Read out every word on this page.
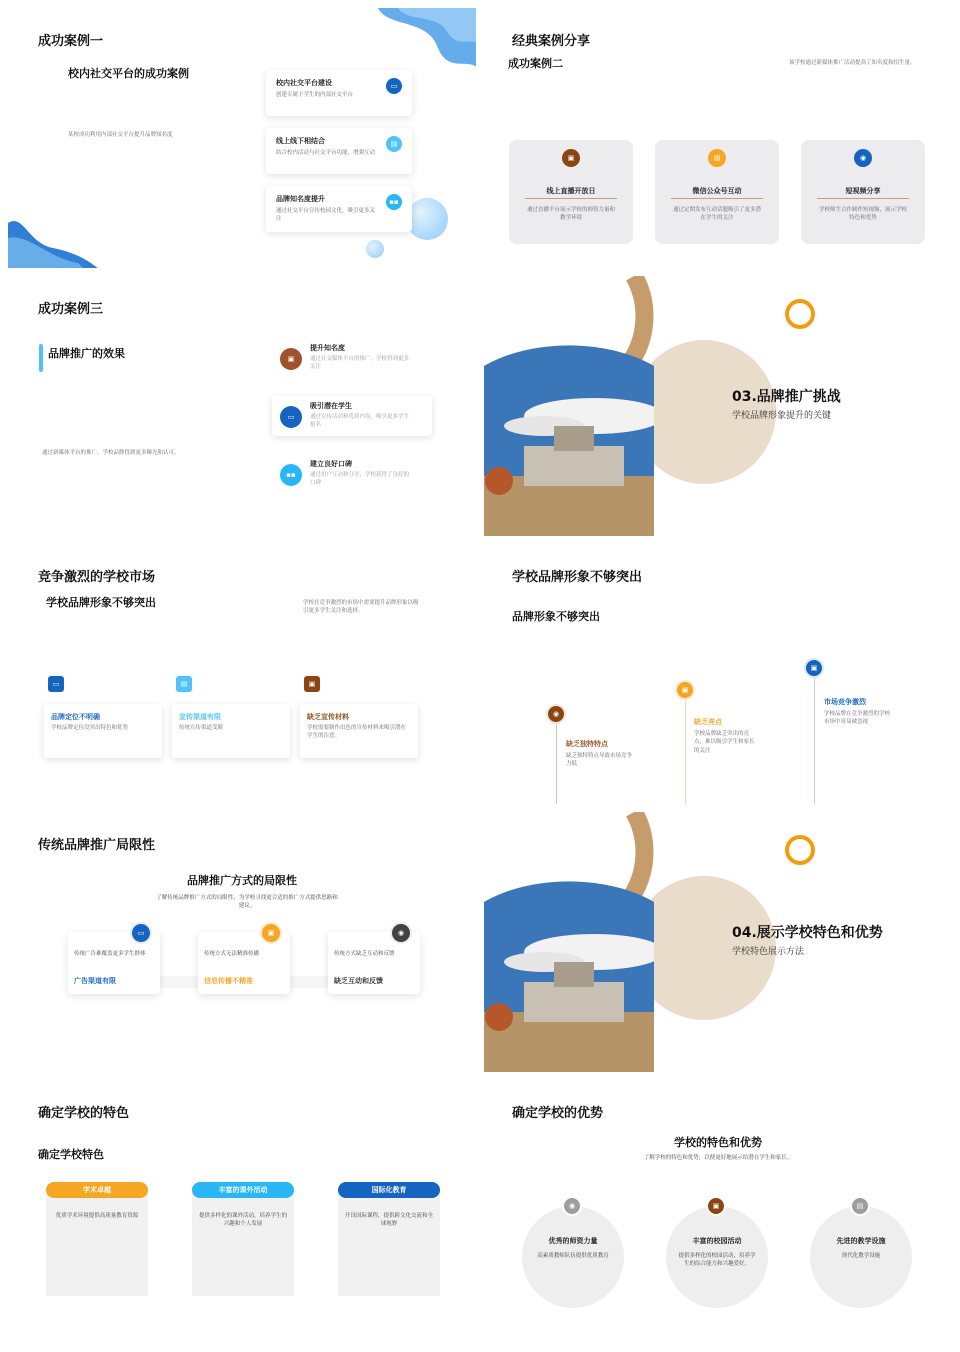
成功案例一
校内社交平台的成功案例
某校成功利用内部社交平台提升品牌知名度
校内社交平台建设
创建专属于学生的内部社交平台
▭
线上线下相结合
结合校内活动与社交平台功能，增强互动
▤
品牌知名度提升
通过社交平台宣传校园文化，吸引更多关注
▪▪
经典案例分享
成功案例二	该学校通过新媒体推广活动提高了知名度和招生量。
▣
线上直播开放日
通过直播平台展示学校的师资力量和教学环境
▤
微信公众号互动
通过定期发布互动话题吸引了更多潜在学生的关注
◉
短视频分享
学校师生合作制作短视频，展示学校特色和优势
成功案例三
品牌推广的效果
通过新媒体平台的推广，学校品牌得到更多曝光和认可。
▣
提升知名度
通过社交媒体平台的推广，学校得到更多关注
▭
吸引潜在学生
通过宣传活动和优质内容，吸引更多学生报名
▪▪
建立良好口碑
通过用户互动和分享，学校获得了良好的口碑
03.品牌推广挑战
学校品牌形象提升的关键
竞争激烈的学校市场
学校品牌形象不够突出	学校在竞争激烈的市场中需要提升品牌形象以吸引更多学生关注和选择。
▭
品牌定位不明确
学校品牌定位没突出特色和优势
▤
宣传渠道有限
传统宣传渠道受限
▣
缺乏宣传材料
学校需要制作出色的宣传材料来吸引潜在学生的注意。
学校品牌形象不够突出
品牌形象不够突出
◉
缺乏独特特点
缺乏独特特点导致市场竞争力低
▣
缺乏亮点
学校品牌缺乏突出的亮点，难以吸引学生和家长的关注
▣
市场竞争激烈
学校品牌在竞争激烈的学校市场中容易被忽视
传统品牌推广局限性
品牌推广方式的局限性
了解传统品牌推广方式的局限性，为学校寻找更合适的推广方式提供思路和建议。
▭
传统广告难覆盖更多学生群体
广告渠道有限
▣
传统方式无法精准传播
信息传播不精准
◉
传统方式缺乏互动和反馈
缺乏互动和反馈
04.展示学校特色和优势
学校特色展示方法
确定学校的特色
确定学校特色
学术卓越
优质学术环境提供高质量教育资源
丰富的课外活动
提供多样化的课外活动，培养学生的兴趣和个人发展
国际化教育
开设国际课程，提供跨文化交流和全球视野
确定学校的优势
学校的特色和优势
了解学校的特色和优势，以便更好地展示给潜在学生和家长。
◉
优秀的师资力量
高素质教师队伍提供优质教育
▣
丰富的校园活动
提供多样化的校园活动，培养学生的综合能力和兴趣爱好。
▤
先进的教学设施
现代化教学设施
